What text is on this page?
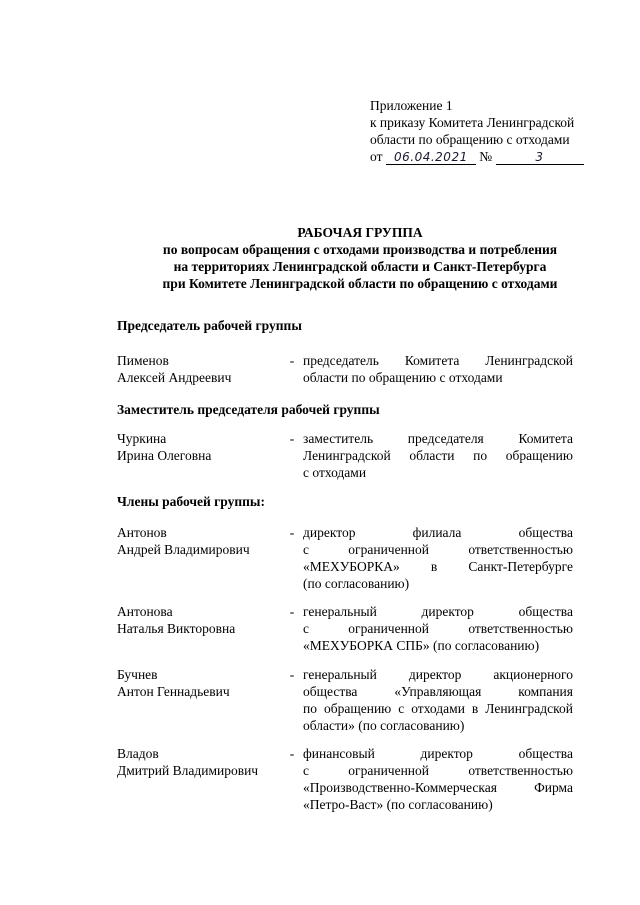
Приложение 1
к приказу Комитета Ленинградской
области по обращению с отходами
от 06.04.2021 №	3
РАБОЧАЯ ГРУППА
по вопросам обращения с отходами производства и потребления
на территориях Ленинградской области и Санкт-Петербурга
при Комитете Ленинградской области по обращению с отходами
Председатель рабочей группы
Пименов
Алексей Андреевич
- председатель Комитета Ленинградской
области по обращению с отходами
Заместитель председателя рабочей группы
Чуркина
Ирина Олеговна
- заместитель председателя Комитета
Ленинградской области по обращению
с отходами
Члены рабочей группы:
Антонов
Андрей Владимирович
- директор филиала общества
с ограниченной ответственностью
«МЕХУБОРКА» в Санкт-Петербурге
(по согласованию)
Антонова
Наталья Викторовна
- генеральный директор общества
с ограниченной ответственностью
«МЕХУБОРКА СПБ» (по согласованию)
Бучнев
Антон Геннадьевич
- генеральный директор акционерного
общества «Управляющая компания
по обращению с отходами в Ленинградской
области» (по согласованию)
Владов
Дмитрий Владимирович
- финансовый директор общества
с ограниченной ответственностью
«Производственно-Коммерческая Фирма
«Петро-Васт» (по согласованию)
